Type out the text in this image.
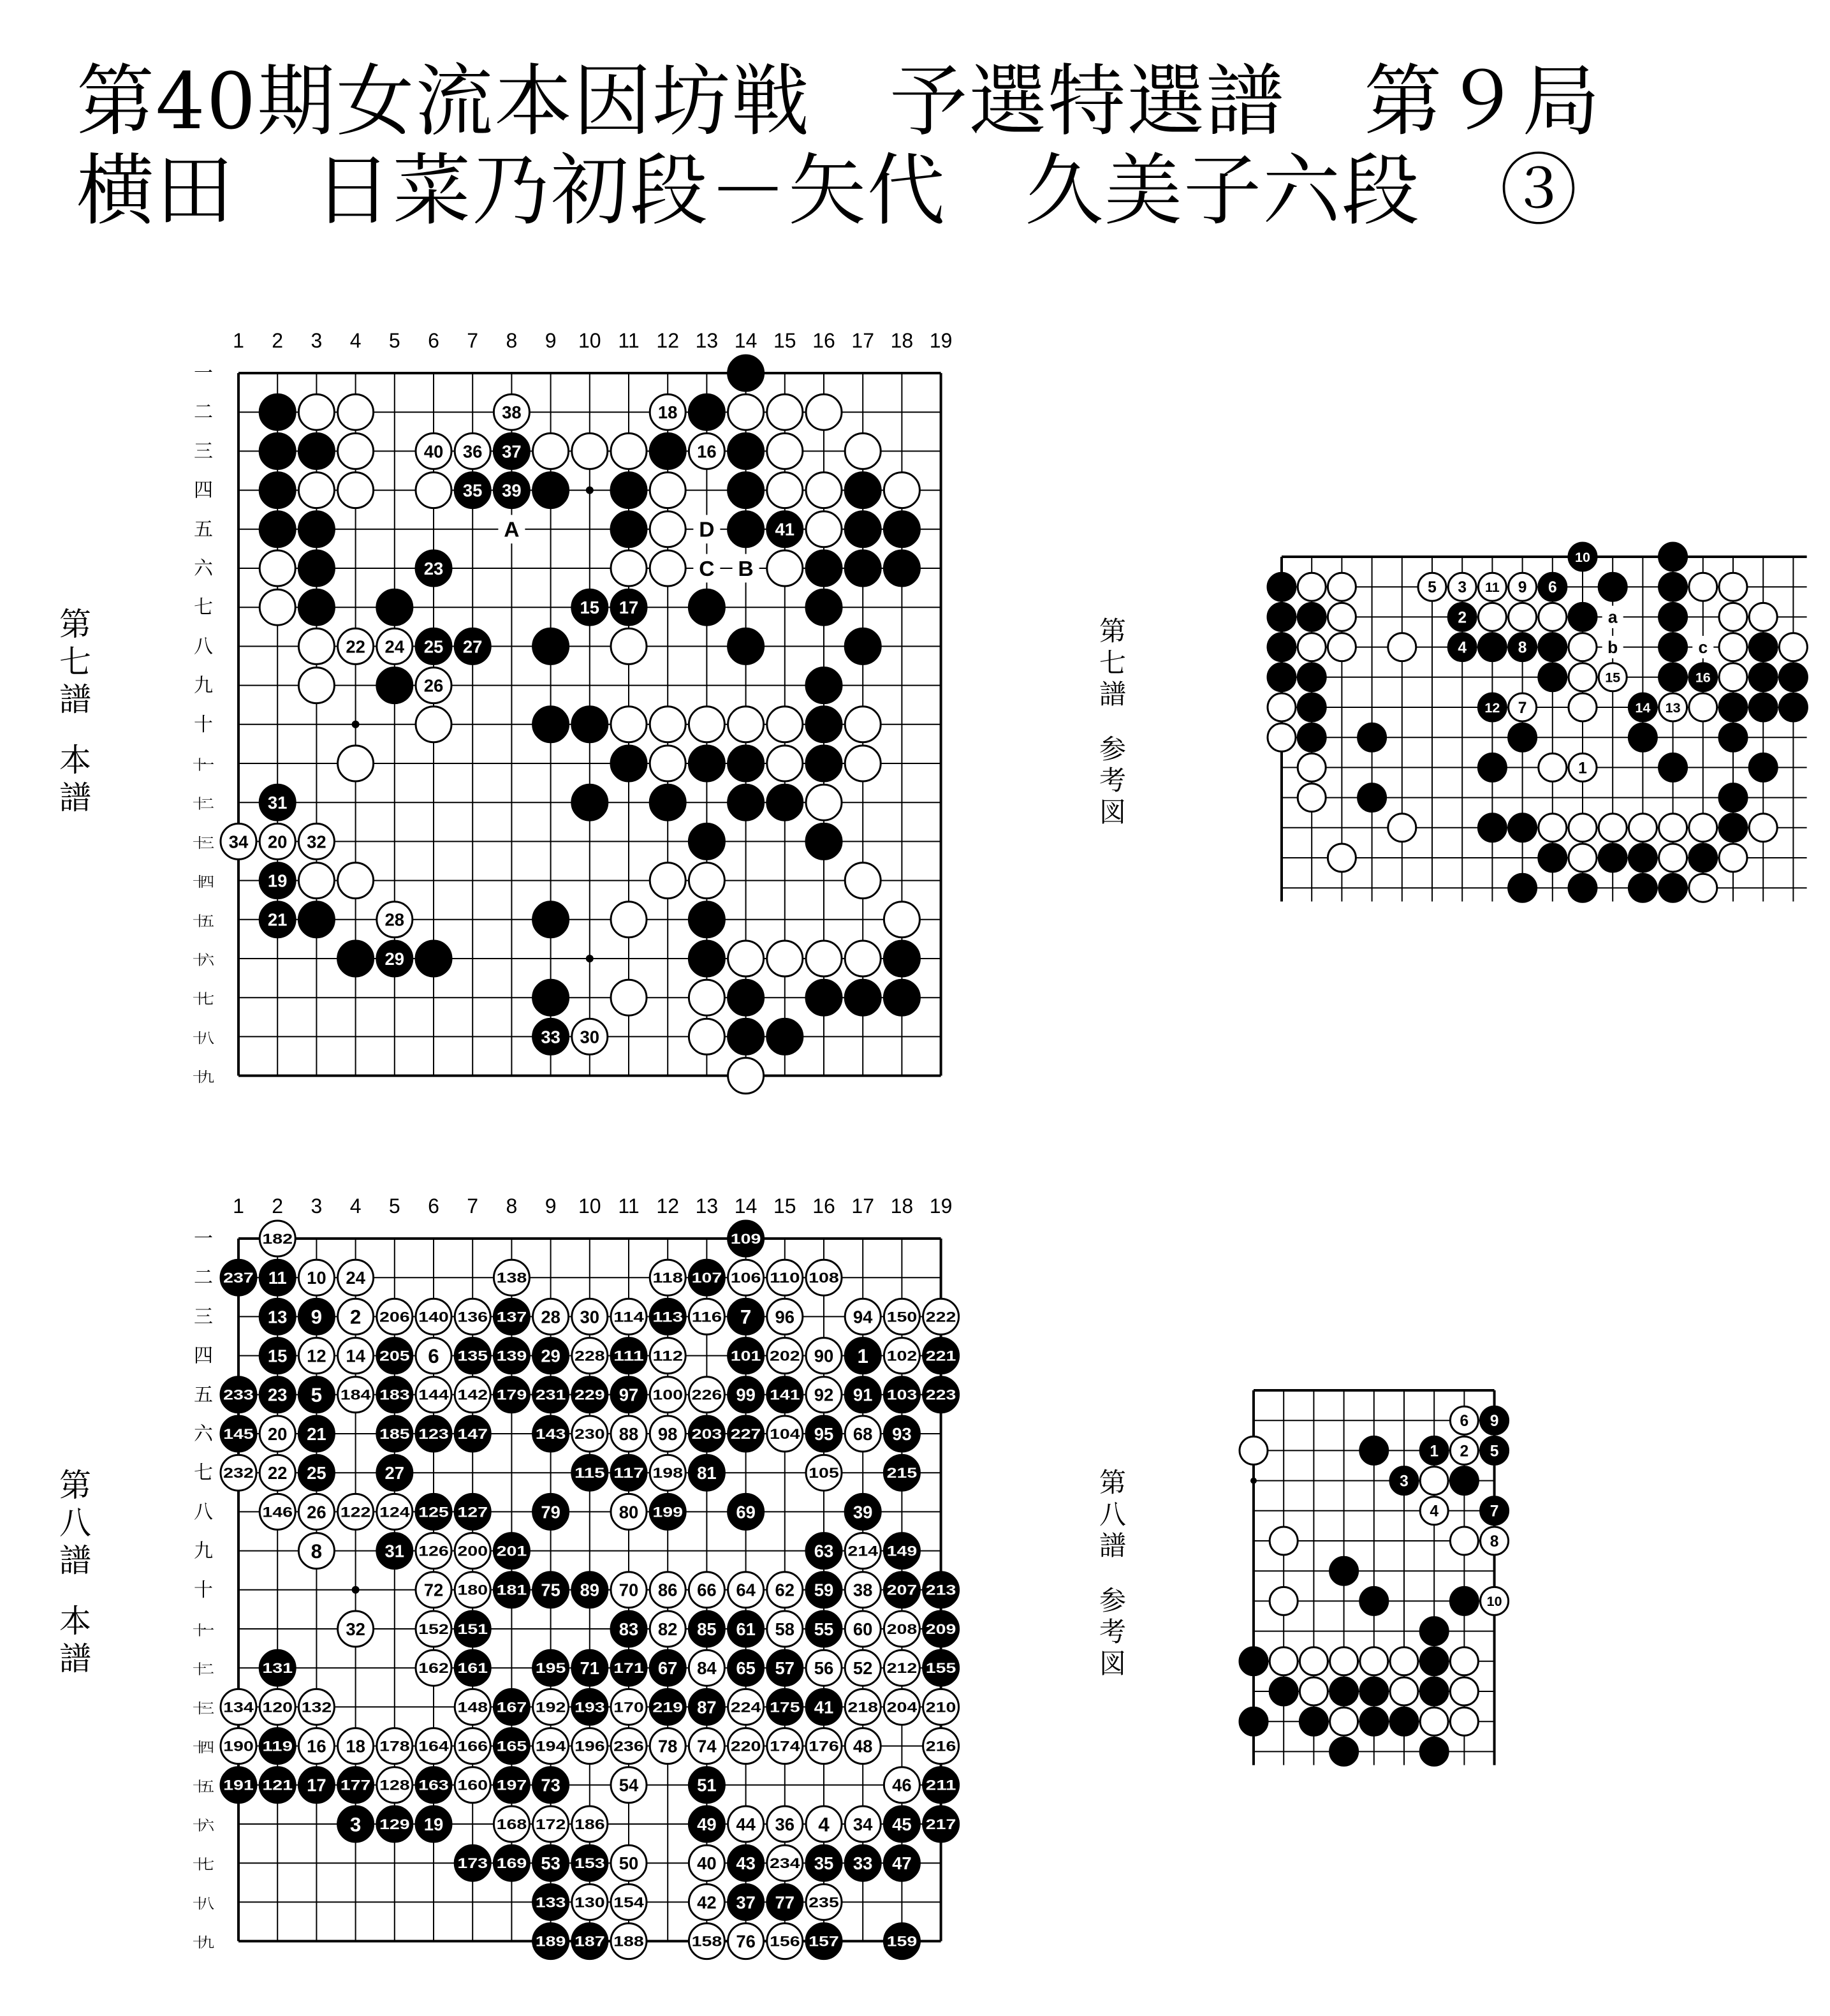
第40期女流本因坊戦　予選特選譜　第９局
横田　日菜乃初段－矢代　久美子六段　③
第
七
譜

本
譜
第
七
譜

参
考
図
第
八
譜

本
譜
第
八
譜

参
考
図
1 2 3 4 5 6 7 8 9 10 11 12 13 14 15 16 17 18 19
一
二
三
四
五
六
七
八
九
十
十一
十二
十三
十四
十五
十六
十七
十八
十九
38	18
40 36 37	16
35 39
41
23
15 17
22 24 25 27
26
31
34 20 32
19
21	28
29
33 30
A	D
C B
1 2 3 4 5 6 7 8 9 10 11 12 13 14 15 16 17 18 19
一
二
三
四
五
六
七
八
九
十
十一
十二
十三
十四
十五
十六
十七
十八
十九
182	109
237 11 10 24	138	118 107 106 110 108
13 9 2 206 140 136 137 28 30 114 113 116 7 96	94 150 222
15 12 14 205 6 135 139 29 228 111 112	101 202 90 1 102 221
233 23 5 184 183 144 142 179 231 229 97 100 226 99 141 92 91 103 223
145 20 21	185 123 147	143 230 88 98 203 227 104 95 68 93
232 22 25	27	115 117 198 81	105	215
146 26 122 124 125 127	79	80 199	69	39
8	31 126 200 201	63 214 149
72 180 181 75 89 70 86 66 64 62 59 38 207 213
32	152 151	83 82 85 61 58 55 60 208 209
131	162 161	195 71 171 67 84 65 57 56 52 212 155
134 120 132	148 167 192 193 170 219 87 224 175 41 218 204 210
190 119 16 18 178 164 166 165 194 196 236 78 74 220 174 176 48	216
191 121 17 177 128 163 160 197 73	54	51	46 211
3 129 19	168 172 186	49 44 36 4 34 45 217
173 169 53 153 50	40 43 234 35 33 47
133 130 154	42 37 77 235
189 187 188	158 76 156 157	159
10
5 3 11 9 6
2
4	8
15	16
12 7	14 13
1
a
b	c
6 9
1 2 5
3
4	7
8
10
